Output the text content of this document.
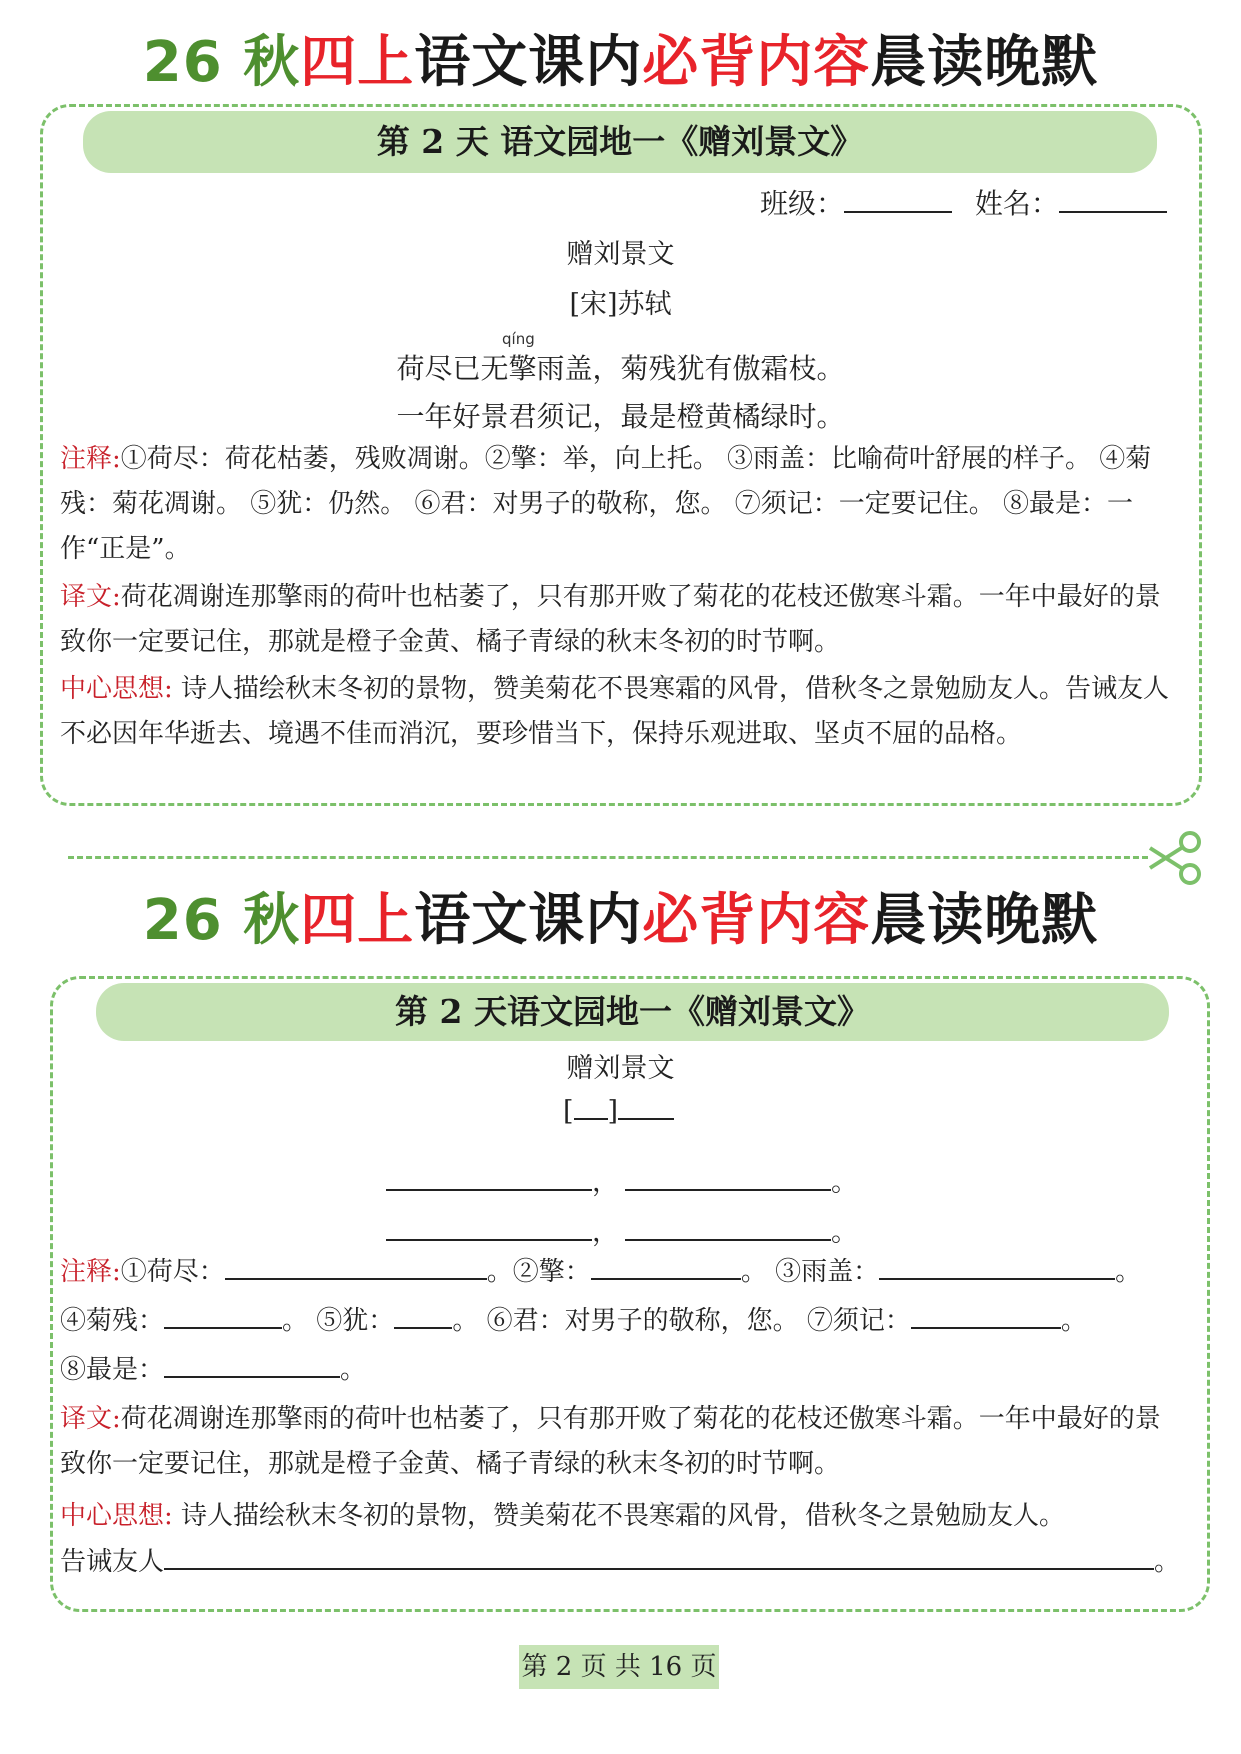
26 秋四上语文课内必背内容晨读晚默
第 2 天 语文园地一《赠刘景文》
班级：	姓名：
赠刘景文
[宋]苏轼
qíng
荷尽已无擎雨盖，菊残犹有傲霜枝。
一年好景君须记，最是橙黄橘绿时。
注释:①荷尽：荷花枯萎，残败凋谢。②擎：举，向上托。 ③雨盖：比喻荷叶舒展的样子。 ④菊残：菊花凋谢。 ⑤犹：仍然。 ⑥君：对男子的敬称，您。 ⑦须记：一定要记住。 ⑧最是：一作“正是”。
译文:荷花凋谢连那擎雨的荷叶也枯萎了，只有那开败了菊花的花枝还傲寒斗霜。一年中最好的景致你一定要记住，那就是橙子金黄、橘子青绿的秋末冬初的时节啊。
中心思想: 诗人描绘秋末冬初的景物，赞美菊花不畏寒霜的风骨，借秋冬之景勉励友人。告诫友人不必因年华逝去、境遇不佳而消沉，要珍惜当下，保持乐观进取、坚贞不屈的品格。
26 秋四上语文课内必背内容晨读晚默
第 2 天语文园地一《赠刘景文》
赠刘景文
[ ]
，	。
，	。
注释:①荷尽：	。②擎：	。 ③雨盖：	。
④菊残：	。 ⑤犹： 。 ⑥君：对男子的敬称，您。 ⑦须记：	。
⑧最是：	。
译文:荷花凋谢连那擎雨的荷叶也枯萎了，只有那开败了菊花的花枝还傲寒斗霜。一年中最好的景致你一定要记住，那就是橙子金黄、橘子青绿的秋末冬初的时节啊。
中心思想: 诗人描绘秋末冬初的景物，赞美菊花不畏寒霜的风骨，借秋冬之景勉励友人。
告诫友人	。
第 2 页 共 16 页
